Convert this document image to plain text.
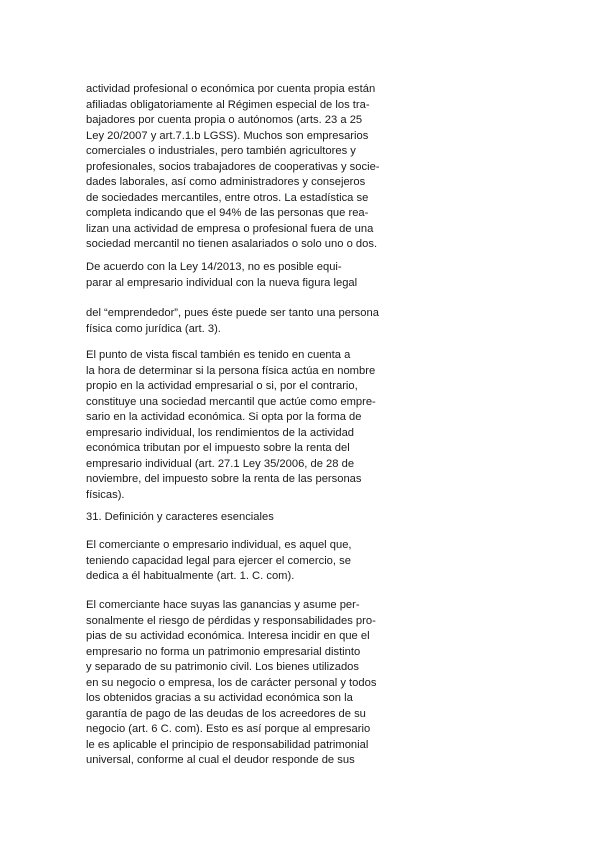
actividad profesional o económica por cuenta propia están
afiliadas obligatoriamente al Régimen especial de los tra-
bajadores por cuenta propia o autónomos (arts. 23 a 25
Ley 20/2007 y art.7.1.b LGSS). Muchos son empresarios
comerciales o industriales, pero también agricultores y
profesionales, socios trabajadores de cooperativas y socie-
dades laborales, así como administradores y consejeros
de sociedades mercantiles, entre otros. La estadística se
completa indicando que el 94% de las personas que rea-
lizan una actividad de empresa o profesional fuera de una
sociedad mercantil no tienen asalariados o solo uno o dos.
De acuerdo con la Ley 14/2013, no es posible equi-
parar al empresario individual con la nueva figura legal
del “emprendedor”, pues éste puede ser tanto una persona
física como jurídica (art. 3).
El punto de vista fiscal también es tenido en cuenta a
la hora de determinar si la persona física actúa en nombre
propio en la actividad empresarial o si, por el contrario,
constituye una sociedad mercantil que actúe como empre-
sario en la actividad económica. Si opta por la forma de
empresario individual, los rendimientos de la actividad
económica tributan por el impuesto sobre la renta del
empresario individual (art. 27.1 Ley 35/2006, de 28 de
noviembre, del impuesto sobre la renta de las personas
físicas).
31. Definición y caracteres esenciales
El comerciante o empresario individual, es aquel que,
teniendo capacidad legal para ejercer el comercio, se
dedica a él habitualmente (art. 1. C. com).
El comerciante hace suyas las ganancias y asume per-
sonalmente el riesgo de pérdidas y responsabilidades pro-
pias de su actividad económica. Interesa incidir en que el
empresario no forma un patrimonio empresarial distinto
y separado de su patrimonio civil. Los bienes utilizados
en su negocio o empresa, los de carácter personal y todos
los obtenidos gracias a su actividad económica son la
garantía de pago de las deudas de los acreedores de su
negocio (art. 6 C. com). Esto es así porque al empresario
le es aplicable el principio de responsabilidad patrimonial
universal, conforme al cual el deudor responde de sus
